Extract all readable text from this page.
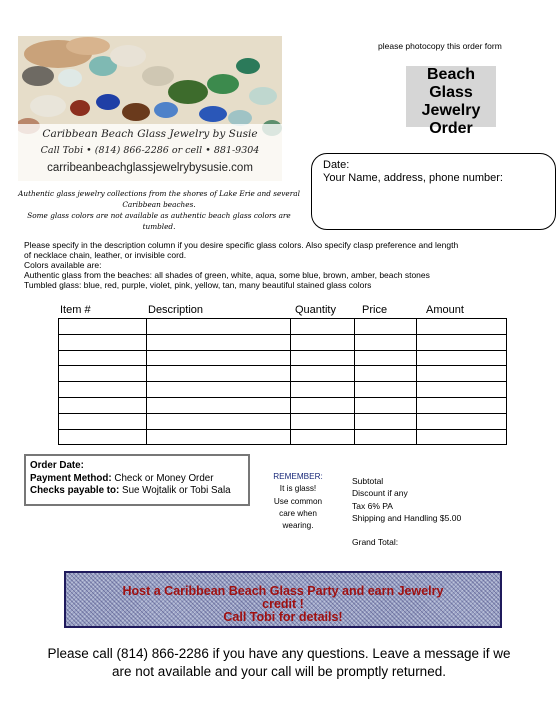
Caribbean Beach Glass Jewelry by Susie
Call Tobi • (814) 866-2286 or cell • 881-9304
carribeanbeachglassjewelrybysusie.com
please photocopy this order form
Beach
Glass
Jewelry
Order
Date:
Your Name, address, phone number:
Authentic glass jewelry collections from the shores of Lake Erie and several Caribbean beaches.
Some glass colors are not available as authentic beach glass colors are tumbled.
Please specify in the description column if you desire specific glass colors. Also specify clasp preference and length
of necklace chain, leather, or invisible cord.
Colors available are:
Authentic glass from the beaches: all shades of green, white, aqua, some blue, brown, amber, beach stones
Tumbled glass: blue, red, purple, violet, pink, yellow, tan, many beautiful stained glass colors
Item #	Description	Quantity Price	Amount

Order Date:
Payment Method: Check or Money Order
Checks payable to: Sue Wojtalik or Tobi Sala
REMEMBER:
It is glass!
Use common
care when
wearing.
Subtotal
Discount if any
Tax 6% PA
Shipping and Handling $5.00
Grand Total:
Host a Caribbean Beach Glass Party and earn Jewelry
credit !
Call Tobi for details!
Please call (814) 866-2286 if you have any questions. Leave a message if we are not available and your call will be promptly returned.
